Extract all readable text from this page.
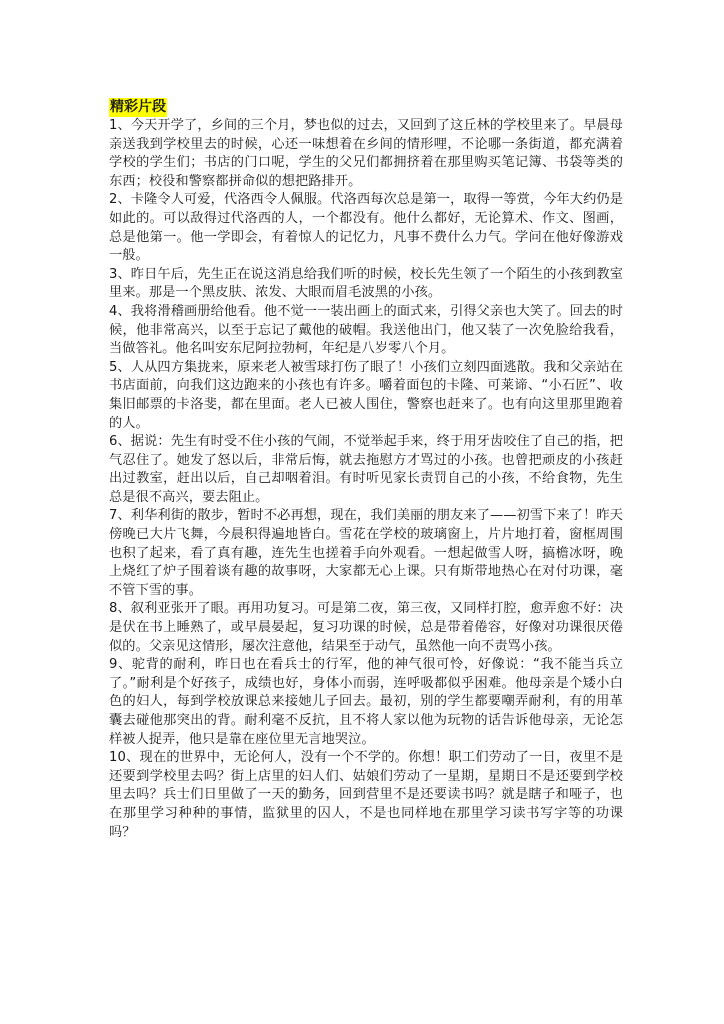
精彩片段

1、今天开学了，乡间的三个月，梦也似的过去，又回到了这丘林的学校里来了。早晨母亲送我到学校里去的时候，心还一味想着在乡间的情形哩，不论哪一条街道，都充满着学校的学生们；书店的门口呢，学生的父兄们都拥挤着在那里购买笔记簿、书袋等类的东西；校役和警察都拼命似的想把路排开。

2、卡隆令人可爱，代洛西令人佩服。代洛西每次总是第一，取得一等赏，今年大约仍是如此的。可以敌得过代洛西的人，一个都没有。他什么都好，无论算术、作文、图画，总是他第一。他一学即会，有着惊人的记忆力，凡事不费什么力气。学问在他好像游戏一般。

3、昨日午后，先生正在说这消息给我们听的时候，校长先生领了一个陌生的小孩到教室里来。那是一个黑皮肤、浓发、大眼而眉毛波黑的小孩。

4、我将滑稽画册给他看。他不觉一一装出画上的面式来，引得父亲也大笑了。回去的时候，他非常高兴，以至于忘记了戴他的破帽。我送他出门，他又装了一次免脸给我看，当做答礼。他名叫安东尼阿拉勃柯，年纪是八岁零八个月。

5、人从四方集拢来，原来老人被雪球打伤了眼了！小孩们立刻四面逃散。我和父亲站在书店面前，向我们这边跑来的小孩也有许多。嚼着面包的卡隆、可莱谛、“小石匠”、收集旧邮票的卡洛斐，都在里面。老人已被人围住，警察也赶来了。也有向这里那里跑着的人。

6、据说：先生有时受不住小孩的气闹，不觉举起手来，终于用牙齿咬住了自己的指，把气忍住了。她发了怒以后，非常后悔，就去拖慰方才骂过的小孩。也曾把顽皮的小孩赶出过教室，赶出以后，自己却咽着泪。有时听见家长责罚自己的小孩，不给食物，先生总是很不高兴，要去阻止。

7、利华利街的散步，暂时不必再想，现在，我们美丽的朋友来了——初雪下来了！昨天傍晚已大片飞舞，今晨积得遍地皆白。雪花在学校的玻璃窗上，片片地打着，窗框周围也积了起来，看了真有趣，连先生也搓着手向外观看。一想起做雪人呀，搞檐冰呀，晚上烧红了炉子围着谈有趣的故事呀，大家都无心上课。只有斯带地热心在对付功课，毫不管下雪的事。

8、叙利亚张开了眼。再用功复习。可是第二夜，第三夜，又同样打腔，愈弄愈不好：决是伏在书上睡熟了，或早晨晏起，复习功课的时候，总是带着倦容，好像对功课很厌倦似的。父亲见这情形，屡次注意他，结果至于动气，虽然他一向不责骂小孩。

9、驼背的耐利，昨日也在看兵士的行军，他的神气很可怜，好像说：“我不能当兵立了。”耐利是个好孩子，成绩也好，身体小而弱，连呼吸都似乎困难。他母亲是个矮小白色的妇人，每到学校放课总来接她儿子回去。最初，别的学生都要嘲弄耐利，有的用革囊去碰他那突出的背。耐利毫不反抗，且不将人家以他为玩物的话告诉他母亲，无论怎样被人捉弄，他只是靠在座位里无言地哭泣。

10、现在的世界中，无论何人，没有一个不学的。你想！职工们劳动了一日，夜里不是还要到学校里去吗？街上店里的妇人们、姑娘们劳动了一星期，星期日不是还要到学校里去吗？兵士们日里做了一天的勤务，回到营里不是还要读书吗？就是瞎子和哑子，也在那里学习种种的事情，监狱里的囚人，不是也同样地在那里学习读书写字等的功课吗？
